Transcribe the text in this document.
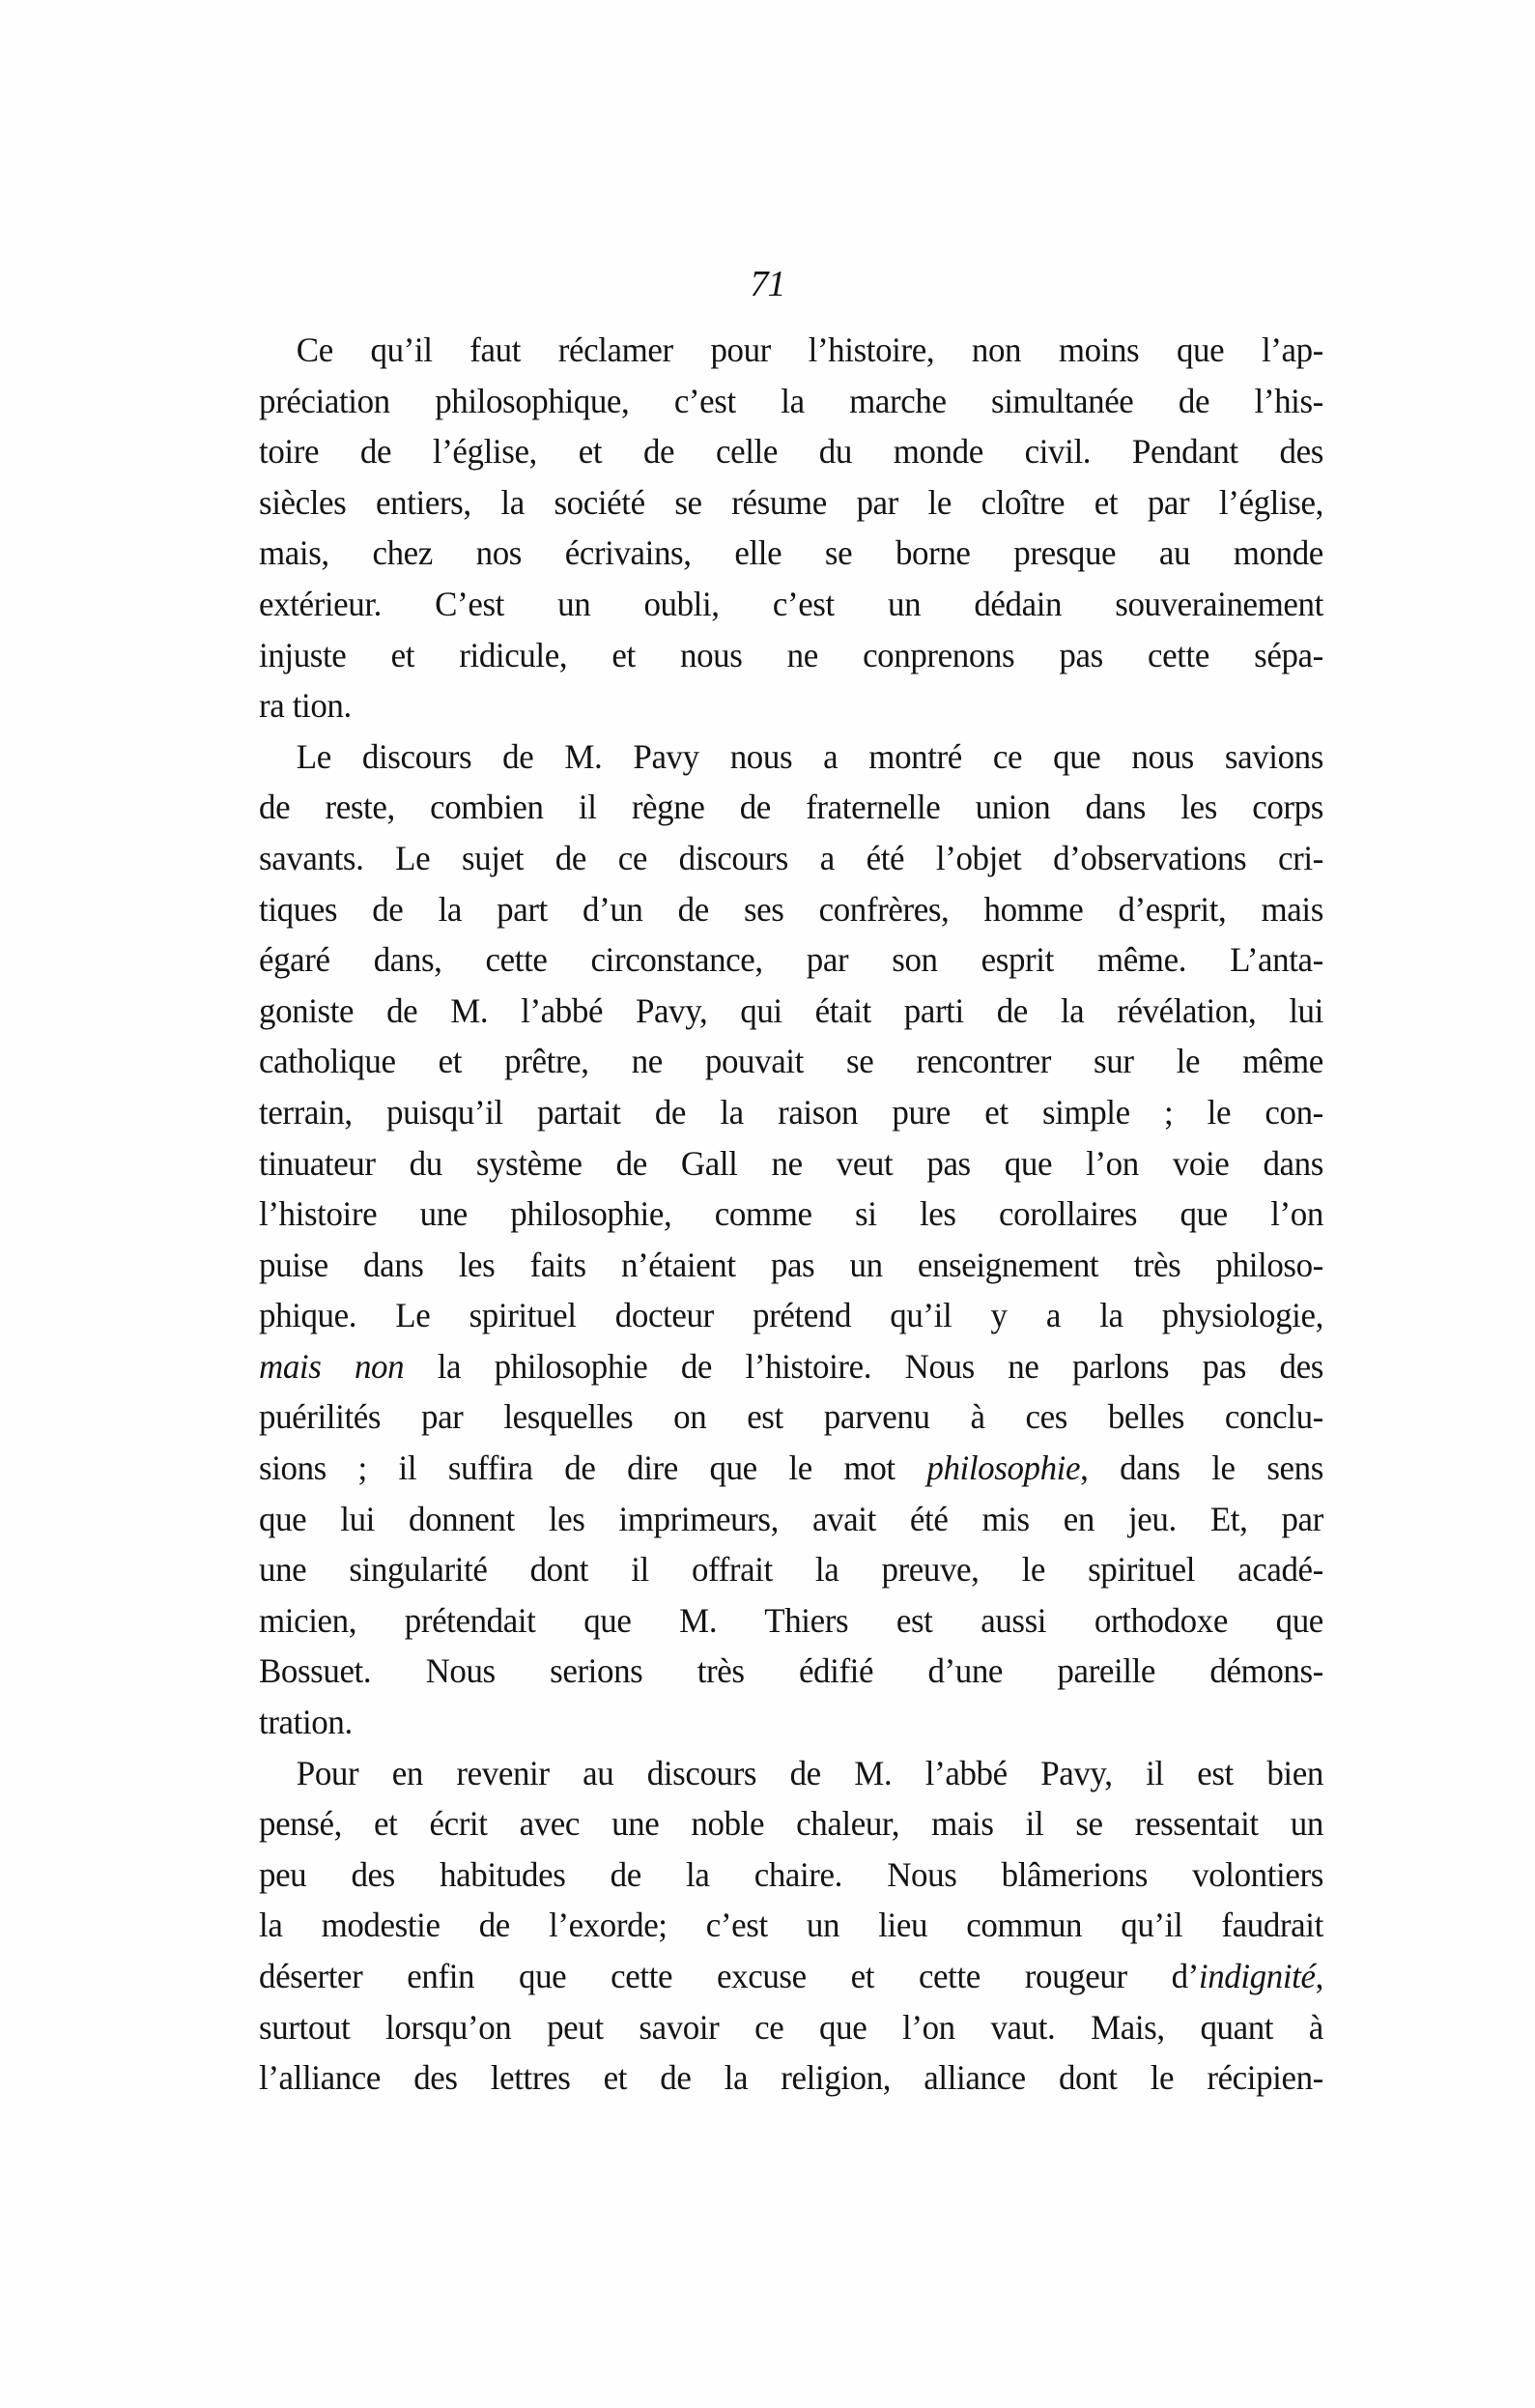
71
Ce qu’il faut réclamer pour l’histoire, non moins que l’ap-
préciation philosophique, c’est la marche simultanée de l’his-
toire de l’église, et de celle du monde civil. Pendant des
siècles entiers, la société se résume par le cloître et par l’église,
mais, chez nos écrivains, elle se borne presque au monde
extérieur. C’est un oubli, c’est un dédain souverainement
injuste et ridicule, et nous ne conprenons pas cette sépa-
ra tion.
Le discours de M. Pavy nous a montré ce que nous savions
de reste, combien il règne de fraternelle union dans les corps
savants. Le sujet de ce discours a été l’objet d’observations cri-
tiques de la part d’un de ses confrères, homme d’esprit, mais
égaré dans, cette circonstance, par son esprit même. L’anta-
goniste de M. l’abbé Pavy, qui était parti de la révélation, lui
catholique et prêtre, ne pouvait se rencontrer sur le même
terrain, puisqu’il partait de la raison pure et simple ; le con-
tinuateur du système de Gall ne veut pas que l’on voie dans
l’histoire une philosophie, comme si les corollaires que l’on
puise dans les faits n’étaient pas un enseignement très philoso-
phique. Le spirituel docteur prétend qu’il y a la physiologie,
mais non la philosophie de l’histoire. Nous ne parlons pas des
puérilités par lesquelles on est parvenu à ces belles conclu-
sions ; il suffira de dire que le mot philosophie, dans le sens
que lui donnent les imprimeurs, avait été mis en jeu. Et, par
une singularité dont il offrait la preuve, le spirituel acadé-
micien, prétendait que M. Thiers est aussi orthodoxe que
Bossuet. Nous serions très édifié d’une pareille démons-
tration.
Pour en revenir au discours de M. l’abbé Pavy, il est bien
pensé, et écrit avec une noble chaleur, mais il se ressentait un
peu des habitudes de la chaire. Nous blâmerions volontiers
la modestie de l’exorde; c’est un lieu commun qu’il faudrait
déserter enfin que cette excuse et cette rougeur d’indignité,
surtout lorsqu’on peut savoir ce que l’on vaut. Mais, quant à
l’alliance des lettres et de la religion, alliance dont le récipien-
